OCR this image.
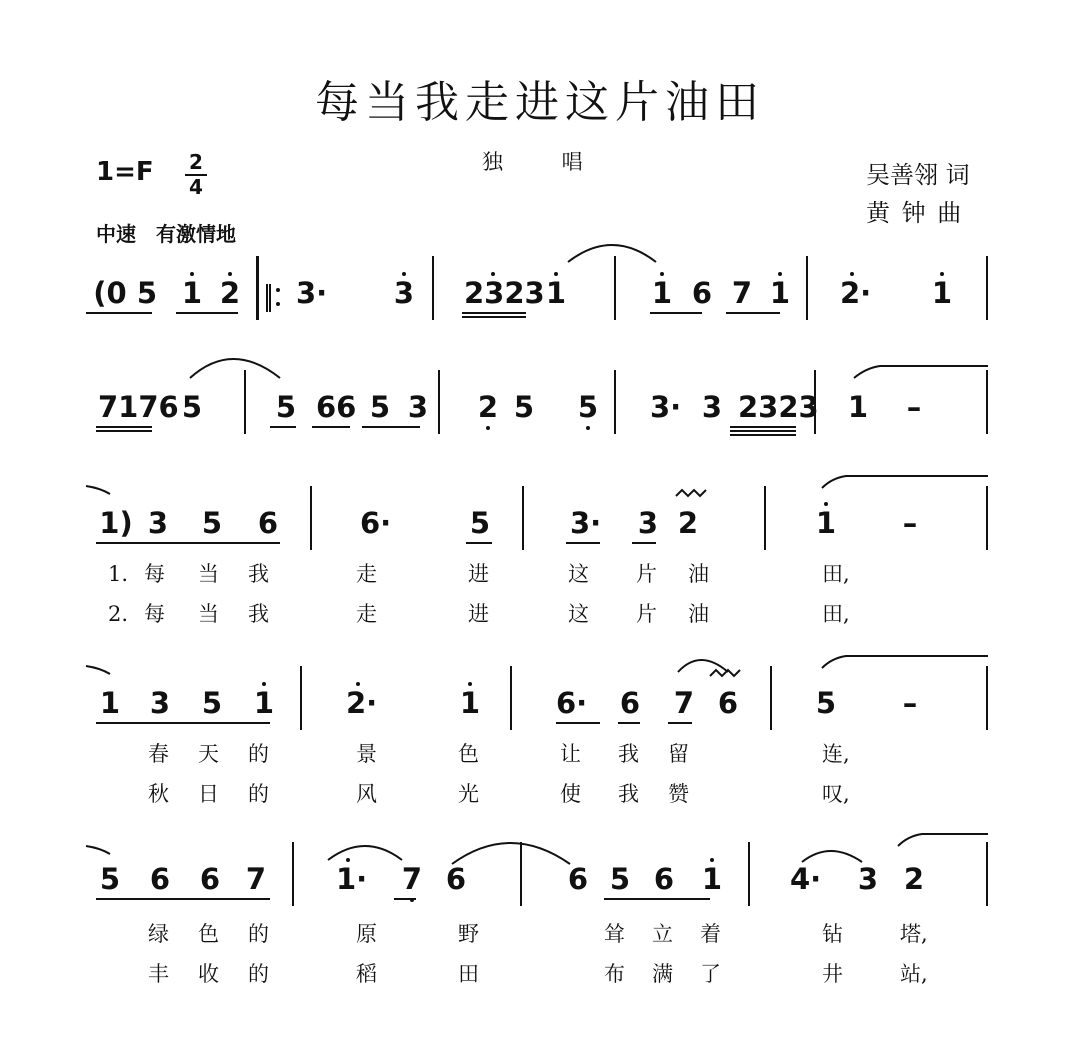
每当我走进这片油田
1=F	2
4
独 唱
中速　有激情地
吴善翎 词
黄 钟 曲
(0 5 1 2 3· 3 2323 1	1 6 7 1 2· 1
7176 5	5 66 5 3 2 5 5 3· 3 2323 1 –
1) 3 5 6	6·	5	3· 3 2	1 –
1 3 5 1 2·	1	6· 6 7 6	5 –
5 6 6 7 1· 7 6	6 5 6 1 4· 3 2
1. 每 当 我	走	进	这 片 油	田,
2. 每 当 我	走	进	这 片 油	田,
春 天 的	景	色	让 我 留	连,
秋 日 的	风	光	使 我 赞	叹,
绿 色 的	原	野	耸 立 着	钻	塔,
丰 收 的	稻	田	布 满 了	井	站,
